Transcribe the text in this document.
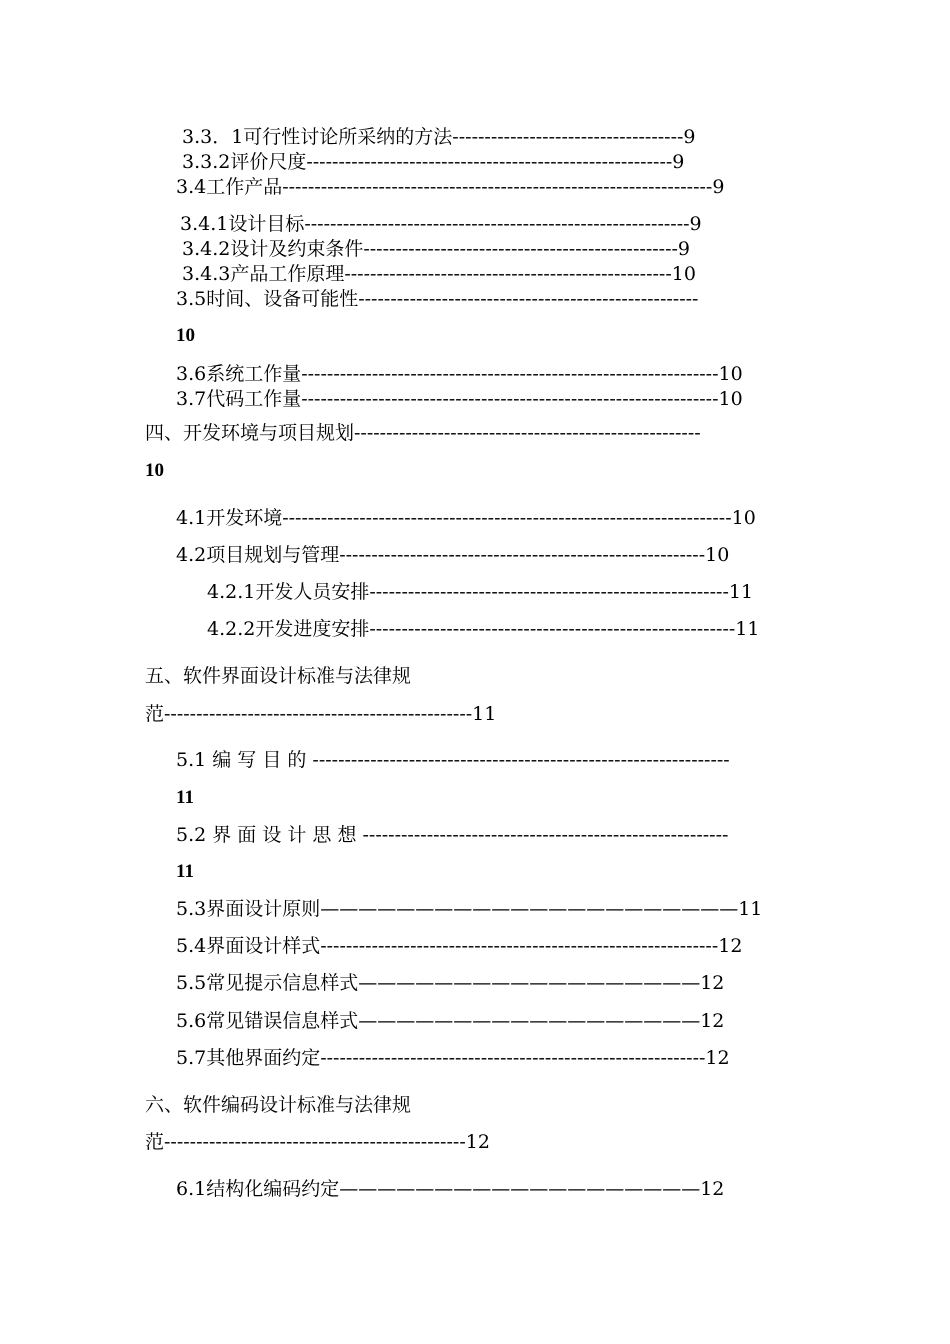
3.3．1可行性讨论所采纳的方法------------------------------------9
3.3.2评价尺度---------------------------------------------------------9
3.4工作产品-------------------------------------------------------------------9
3.4.1设计目标------------------------------------------------------------9
3.4.2设计及约束条件-------------------------------------------------9
3.4.3产品工作原理---------------------------------------------------10
3.5时间、设备可能性-----------------------------------------------------
10
3.6系统工作量-----------------------------------------------------------------10
3.7代码工作量-----------------------------------------------------------------10
四、开发环境与项目规划------------------------------------------------------
10
4.1开发环境----------------------------------------------------------------------10
4.2项目规划与管理---------------------------------------------------------10
4.2.1开发人员安排--------------------------------------------------------11
4.2.2开发进度安排---------------------------------------------------------11
五、软件界面设计标准与法律规
范------------------------------------------------11
5.1 编 写 目 的 -----------------------------------------------------------------
11
5.2 界 面 设 计 思 想 ---------------------------------------------------------
11
5.3界面设计原则——————————————————————11
5.4界面设计样式--------------------------------------------------------------12
5.5常见提示信息样式——————————————————12
5.6常见错误信息样式——————————————————12
5.7其他界面约定------------------------------------------------------------12
六、软件编码设计标准与法律规
范-----------------------------------------------12
6.1结构化编码约定———————————————————12
